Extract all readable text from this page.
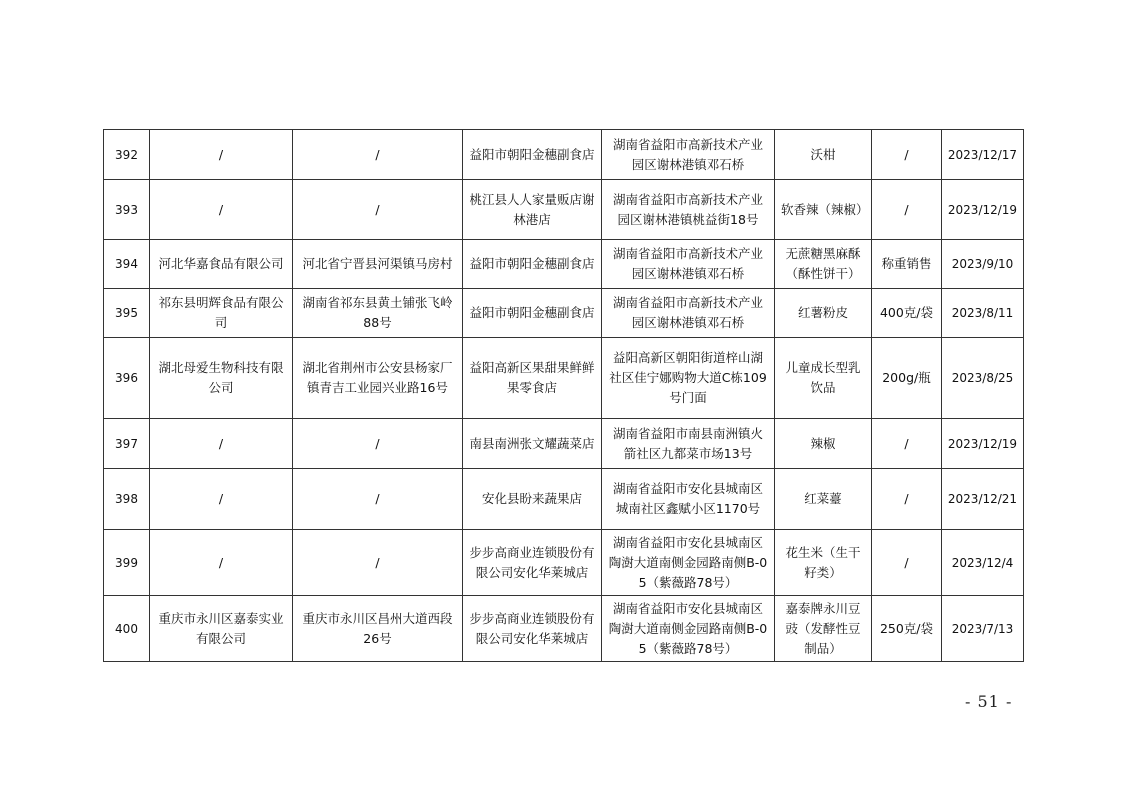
392	/	/	益阳市朝阳金穗副食店	湖南省益阳市高新技术产业园区谢林港镇邓石桥	沃柑	/	2023/12/17
393	/	/	桃江县人人家量贩店谢林港店	湖南省益阳市高新技术产业园区谢林港镇桃益街18号	软香辣（辣椒）	/	2023/12/19
394	河北华嘉食品有限公司	河北省宁晋县河渠镇马房村	益阳市朝阳金穗副食店	湖南省益阳市高新技术产业园区谢林港镇邓石桥	无蔗糖黑麻酥（酥性饼干）	称重销售	2023/9/10
395	祁东县明辉食品有限公司	湖南省祁东县黄土铺张飞岭88号	益阳市朝阳金穗副食店	湖南省益阳市高新技术产业园区谢林港镇邓石桥	红薯粉皮	400克/袋	2023/8/11
396	湖北母爱生物科技有限公司	湖北省荆州市公安县杨家厂镇青吉工业园兴业路16号	益阳高新区果甜果鲜鲜果零食店	益阳高新区朝阳街道梓山湖社区佳宁娜购物大道C栋109号门面	儿童成长型乳饮品	200g/瓶	2023/8/25
397	/	/	南县南洲张文耀蔬菜店	湖南省益阳市南县南洲镇火箭社区九都菜市场13号	辣椒	/	2023/12/19
398	/	/	安化县盼来蔬果店	湖南省益阳市安化县城南区城南社区鑫赋小区1170号	红菜薹	/	2023/12/21
399	/	/	步步高商业连锁股份有限公司安化华莱城店	湖南省益阳市安化县城南区陶澍大道南侧金园路南侧B-05（紫薇路78号）	花生米（生干籽类）	/	2023/12/4
400	重庆市永川区嘉泰实业有限公司	重庆市永川区昌州大道西段26号	步步高商业连锁股份有限公司安化华莱城店	湖南省益阳市安化县城南区陶澍大道南侧金园路南侧B-05（紫薇路78号）	嘉泰牌永川豆豉（发酵性豆制品）	250克/袋	2023/7/13
- 51 -
